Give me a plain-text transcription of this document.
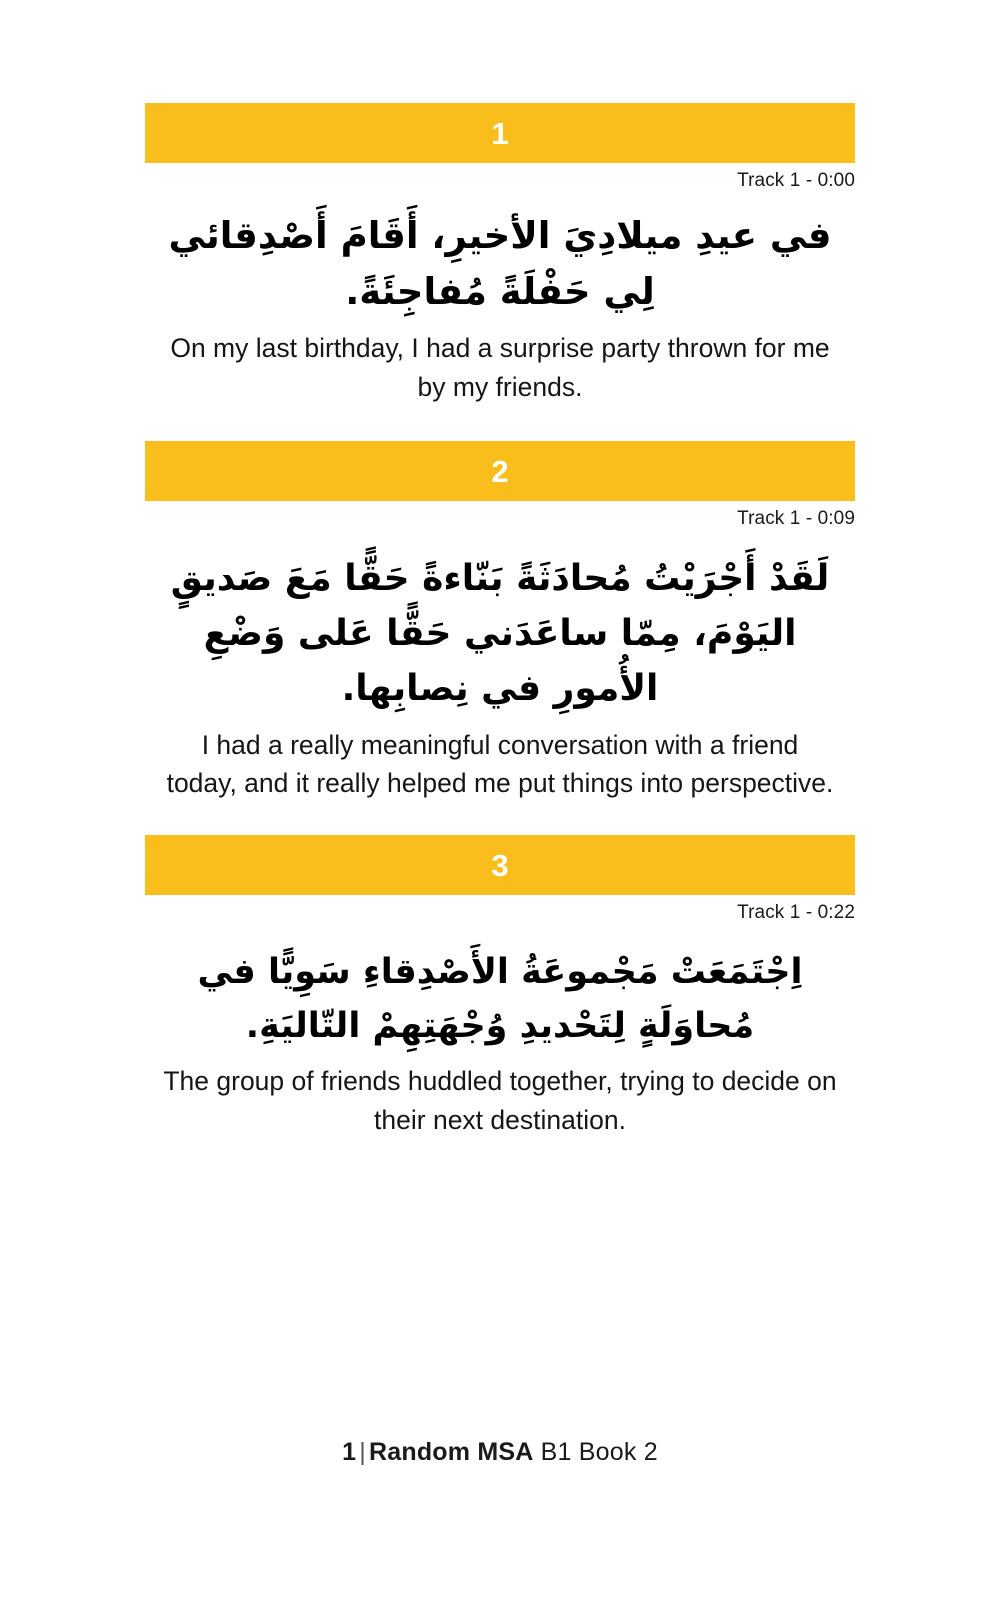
1
Track 1 - 0:00
في عيدِ ميلادِيَ الأخيرِ، أَقَامَ أَصْدِقائي لِي حَفْلَةً مُفاجِئَةً.
On my last birthday, I had a surprise party thrown for me by my friends.
2
Track 1 - 0:09
لَقَدْ أَجْرَيْتُ مُحادَثَةً بَنّاءةً حَقًّا مَعَ صَديقٍ اليَوْمَ، مِمّا ساعَدَني حَقًّا عَلى وَضْعِ الأُمورِ في نِصابِها.
I had a really meaningful conversation with a friend today, and it really helped me put things into perspective.
3
Track 1 - 0:22
اِجْتَمَعَتْ مَجْموعَةُ الأَصْدِقاءِ سَوِيًّا في مُحاوَلَةٍ لِتَحْديدِ وُجْهَتِهِمْ التّاليَةِ.
The group of friends huddled together, trying to decide on their next destination.
1 | Random MSA B1 Book 2
